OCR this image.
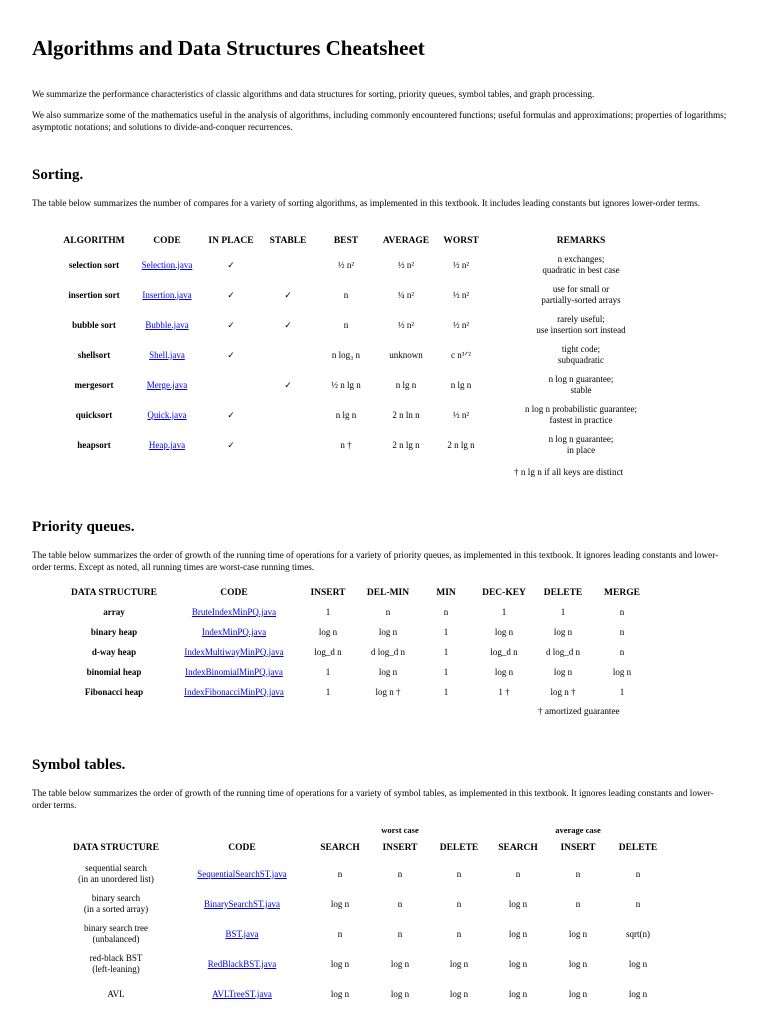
Algorithms and Data Structures Cheatsheet

We summarize the performance characteristics of classic algorithms and data structures for sorting, priority queues, symbol tables, and graph processing.

We also summarize some of the mathematics useful in the analysis of algorithms, including commonly encountered functions; useful formulas and approximations; properties of logarithms; asymptotic notations; and solutions to divide-and-conquer recurrences.

Sorting.

The table below summarizes the number of compares for a variety of sorting algorithms, as implemented in this textbook. It includes leading constants but ignores lower-order terms.

ALGORITHM	CODE	IN PLACE	STABLE	BEST	AVERAGE	WORST	REMARKS
selection sort	Selection.java	✓		½ n²	½ n²	½ n²	n exchanges;
quadratic in best case

insertion sort	Insertion.java	✓	✓	n	¼ n²	½ n²	use for small or
partially-sorted arrays

bubble sort	Bubble.java	✓	✓	n	½ n²	½ n²	rarely useful;
use insertion sort instead

shellsort	Shell.java	✓		n log₃ n	unknown	c n³ᐟ²	tight code;
subquadratic

mergesort	Merge.java		✓	½ n lg n	n lg n	n lg n	n log n guarantee;
stable

quicksort	Quick.java	✓		n lg n	2 n ln n	½ n²	n log n probabilistic guarantee;
fastest in practice

heapsort	Heap.java	✓		n †	2 n lg n	2 n lg n	n log n guarantee;
in place
† n lg n if all keys are distinct
Priority queues.

The table below summarizes the order of growth of the running time of operations for a variety of priority queues, as implemented in this textbook. It ignores leading constants and lower-order terms. Except as noted, all running times are worst-case running times.

DATA STRUCTURE	CODE	INSERT	DEL-MIN	MIN	DEC-KEY	DELETE	MERGE
array	BruteIndexMinPQ.java	1	n	n	1	1	n
binary heap	IndexMinPQ.java	log n	log n	1	log n	log n	n
d-way heap	IndexMultiwayMinPQ.java	log_d n	d log_d n	1	log_d n	d log_d n	n
binomial heap	IndexBinomialMinPQ.java	1	log n	1	log n	log n	log n
Fibonacci heap	IndexFibonacciMinPQ.java	1	log n †	1	1 †	log n †	1
† amortized guarantee
Symbol tables.

The table below summarizes the order of growth of the running time of operations for a variety of symbol tables, as implemented in this textbook. It ignores leading constants and lower-order terms.

			worst case			average case	
DATA STRUCTURE	CODE	SEARCH	INSERT	DELETE	SEARCH	INSERT	DELETE

sequential search
(in an unordered list)	SequentialSearchST.java	n	n	n	n	n	n

binary search
(in a sorted array)	BinarySearchST.java	log n	n	n	log n	n	n

binary search tree
(unbalanced)	BST.java	n	n	n	log n	log n	sqrt(n)

red-black BST
(left-leaning)	RedBlackBST.java	log n	log n	log n	log n	log n	log n

AVL	AVLTreeST.java	log n	log n	log n	log n	log n	log n
